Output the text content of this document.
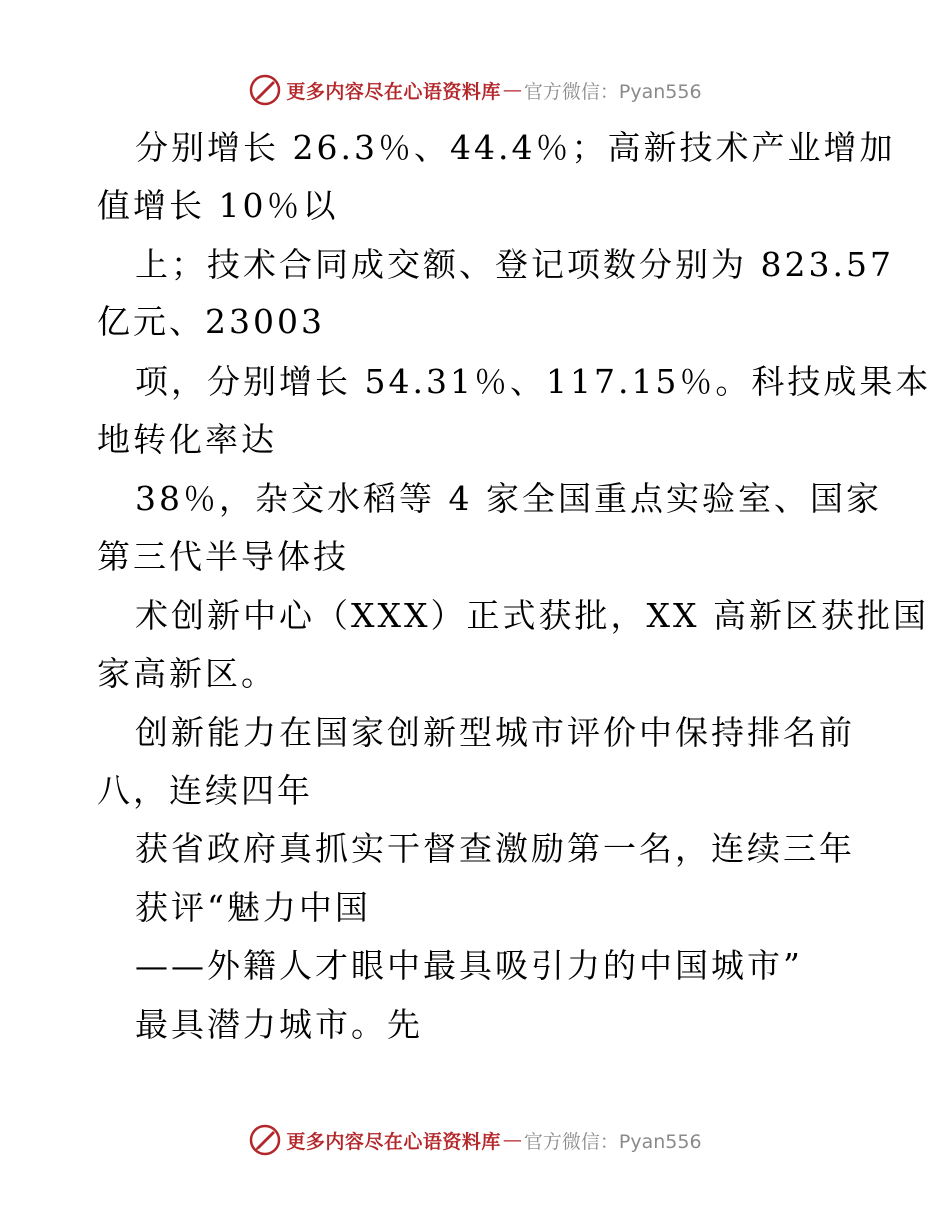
更多内容尽在心语资料库 — 官方微信：Pyan556
分别增长 26.3％、44.4％；高新技术产业增加
值增长 10％以
上；技术合同成交额、登记项数分别为 823.57
亿元、23003
项，分别增长 54.31％、117.15％。科技成果本
地转化率达
38％，杂交水稻等 4 家全国重点实验室、国家
第三代半导体技
术创新中心（XXX）正式获批，XX 高新区获批国
家高新区。
创新能力在国家创新型城市评价中保持排名前
八，连续四年
获省政府真抓实干督查激励第一名，连续三年
获评“魅力中国
——外籍人才眼中最具吸引力的中国城市”
最具潜力城市。先
更多内容尽在心语资料库 — 官方微信：Pyan556
